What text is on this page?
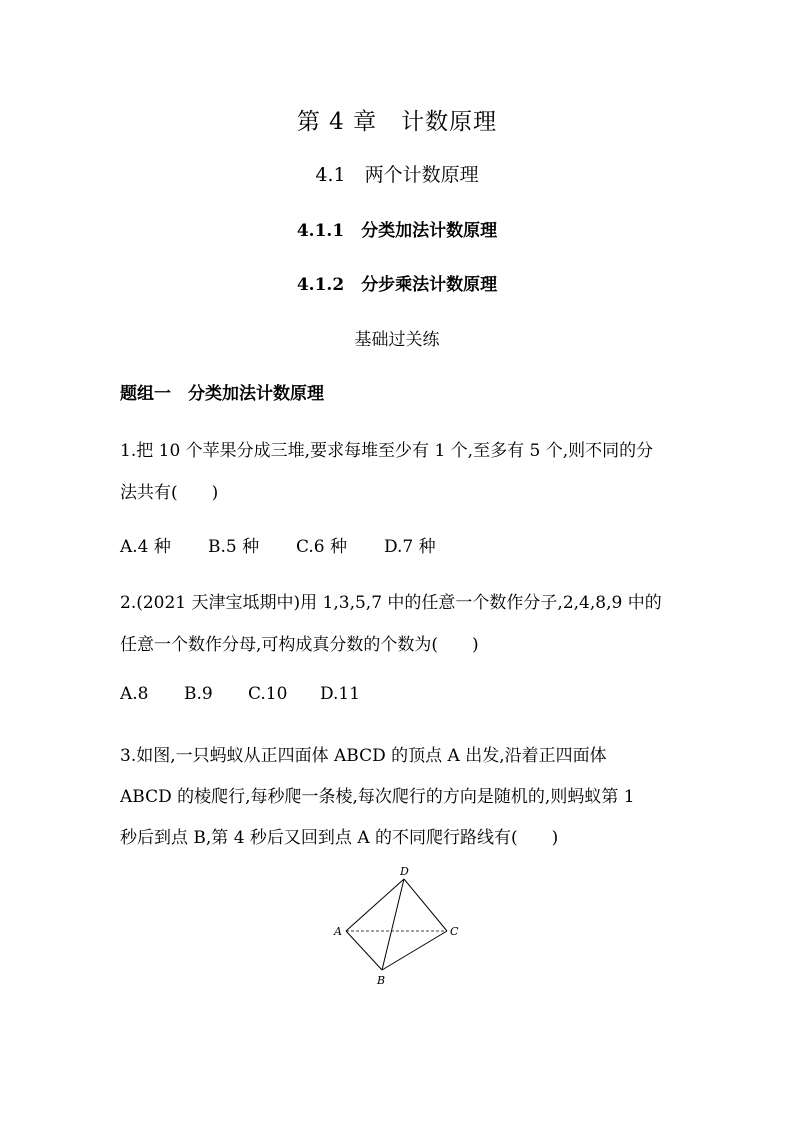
第 4 章　计数原理
4.1　两个计数原理
4.1.1　分类加法计数原理
4.1.2　分步乘法计数原理
基础过关练
题组一　分类加法计数原理
1.把 10 个苹果分成三堆,要求每堆至少有 1 个,至多有 5 个,则不同的分
法共有(　　)
A.4 种 B.5 种 C.6 种 D.7 种
2.(2021 天津宝坻期中)用 1,3,5,7 中的任意一个数作分子,2,4,8,9 中的
任意一个数作分母,可构成真分数的个数为(　　)
A.8 B.9 C.10 D.11
3.如图,一只蚂蚁从正四面体 ABCD 的顶点 A 出发,沿着正四面体
ABCD 的棱爬行,每秒爬一条棱,每次爬行的方向是随机的,则蚂蚁第 1
秒后到点 B,第 4 秒后又回到点 A 的不同爬行路线有(　　)
A
B
C
D
